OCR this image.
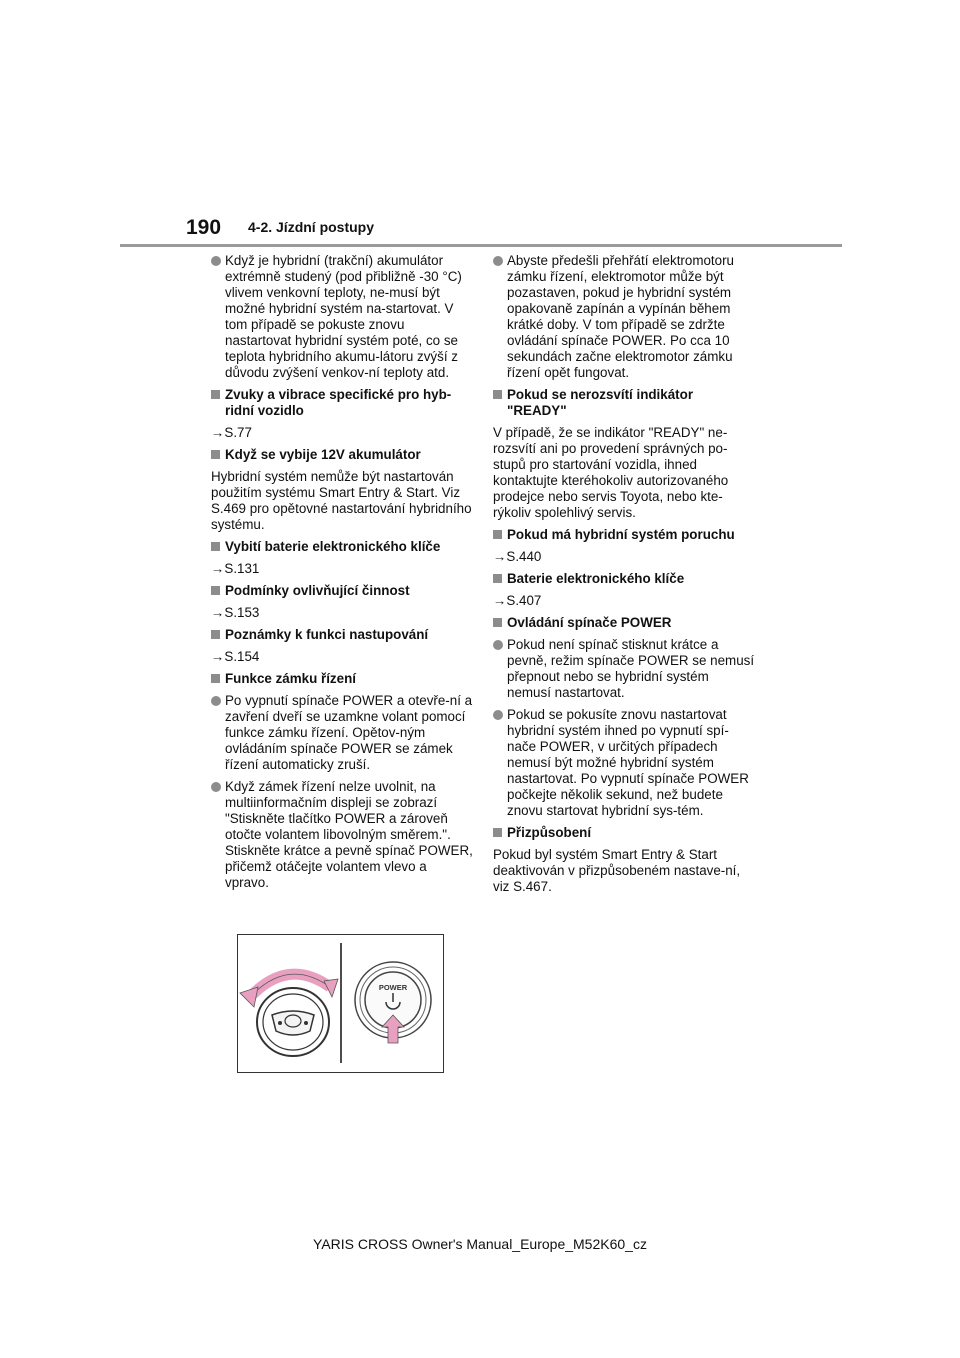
190 4-2. Jízdní postupy
Když je hybridní (trakční) akumulátor extrémně studený (pod přibližně -30 °C) vlivem venkovní teploty, ne-musí být možné hybridní systém na-startovat. V tom případě se pokuste znovu nastartovat hybridní systém poté, co se teplota hybridního akumu-látoru zvýší z důvodu zvýšení venkov-ní teploty atd.
Zvuky a vibrace specifické pro hyb-ridní vozidlo
→S.77
Když se vybije 12V akumulátor
Hybridní systém nemůže být nastartován použitím systému Smart Entry & Start. Viz S.469 pro opětovné nastartování hybridního systému.
Vybití baterie elektronického klíče
→S.131
Podmínky ovlivňující činnost
→S.153
Poznámky k funkci nastupování
→S.154
Funkce zámku řízení
Po vypnutí spínače POWER a otevře-ní a zavření dveří se uzamkne volant pomocí funkce zámku řízení. Opětov-ným ovládáním spínače POWER se zámek řízení automaticky zruší.
Když zámek řízení nelze uvolnit, na multiinformačním displeji se zobrazí "Stiskněte tlačítko POWER a zároveň otočte volantem libovolným směrem.". Stiskněte krátce a pevně spínač POWER, přičemž otáčejte volantem vlevo a vpravo.
Abyste předešli přehřátí elektromotoru zámku řízení, elektromotor může být pozastaven, pokud je hybridní systém opakovaně zapínán a vypínán během krátké doby. V tom případě se zdržte ovládání spínače POWER. Po cca 10 sekundách začne elektromotor zámku řízení opět fungovat.
Pokud se nerozsvítí indikátor "READY"
V případě, že se indikátor "READY" ne-rozsvítí ani po provedení správných po-stupů pro startování vozidla, ihned kontaktujte kteréhokoliv autorizovaného prodejce nebo servis Toyota, nebo kte-rýkoliv spolehlivý servis.
Pokud má hybridní systém poruchu
→S.440
Baterie elektronického klíče
→S.407
Ovládání spínače POWER
Pokud není spínač stisknut krátce a pevně, režim spínače POWER se nemusí přepnout nebo se hybridní systém nemusí nastartovat.
Pokud se pokusíte znovu nastartovat hybridní systém ihned po vypnutí spí-nače POWER, v určitých případech nemusí být možné hybridní systém nastartovat. Po vypnutí spínače POWER počkejte několik sekund, než budete znovu startovat hybridní sys-tém.
Přizpůsobení
Pokud byl systém Smart Entry & Start deaktivován v přizpůsobeném nastave-ní, viz S.467.
POWER
YARIS CROSS Owner's Manual_Europe_M52K60_cz
